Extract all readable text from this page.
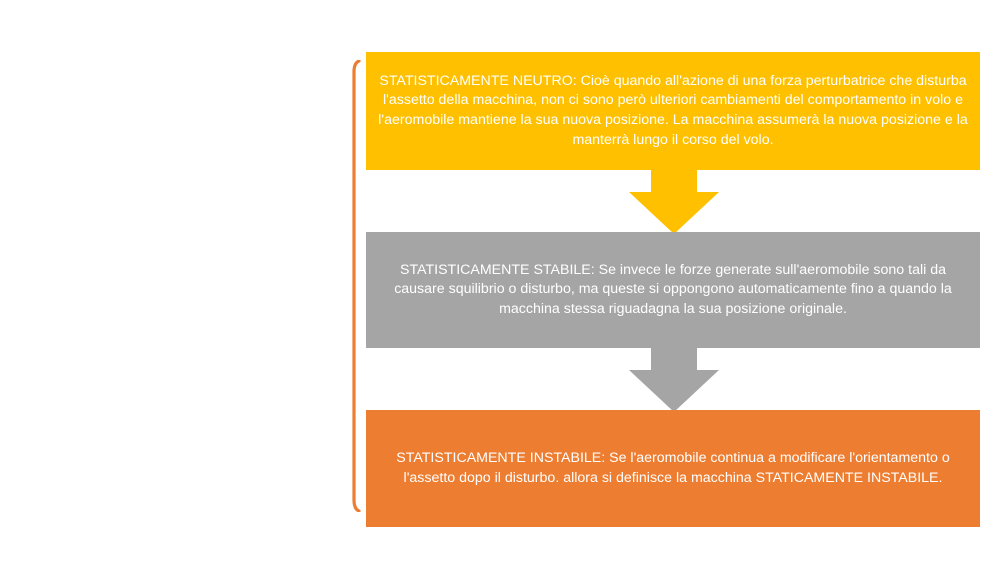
STATISTICAMENTE NEUTRO: Cioè quando all'azione di una forza perturbatrice che disturba l'assetto della macchina, non ci sono però ulteriori cambiamenti del comportamento in volo e l'aeromobile mantiene la sua nuova posizione. La macchina assumerà la nuova posizione e la manterrà lungo il corso del volo.
STATISTICAMENTE STABILE: Se invece le forze generate sull'aeromobile sono tali da causare squilibrio o disturbo, ma queste si oppongono automaticamente fino a quando la macchina stessa riguadagna la sua posizione originale.
STATISTICAMENTE INSTABILE: Se l'aeromobile continua a modificare l'orientamento o l'assetto dopo il disturbo. allora si definisce la macchina STATICAMENTE INSTABILE.
